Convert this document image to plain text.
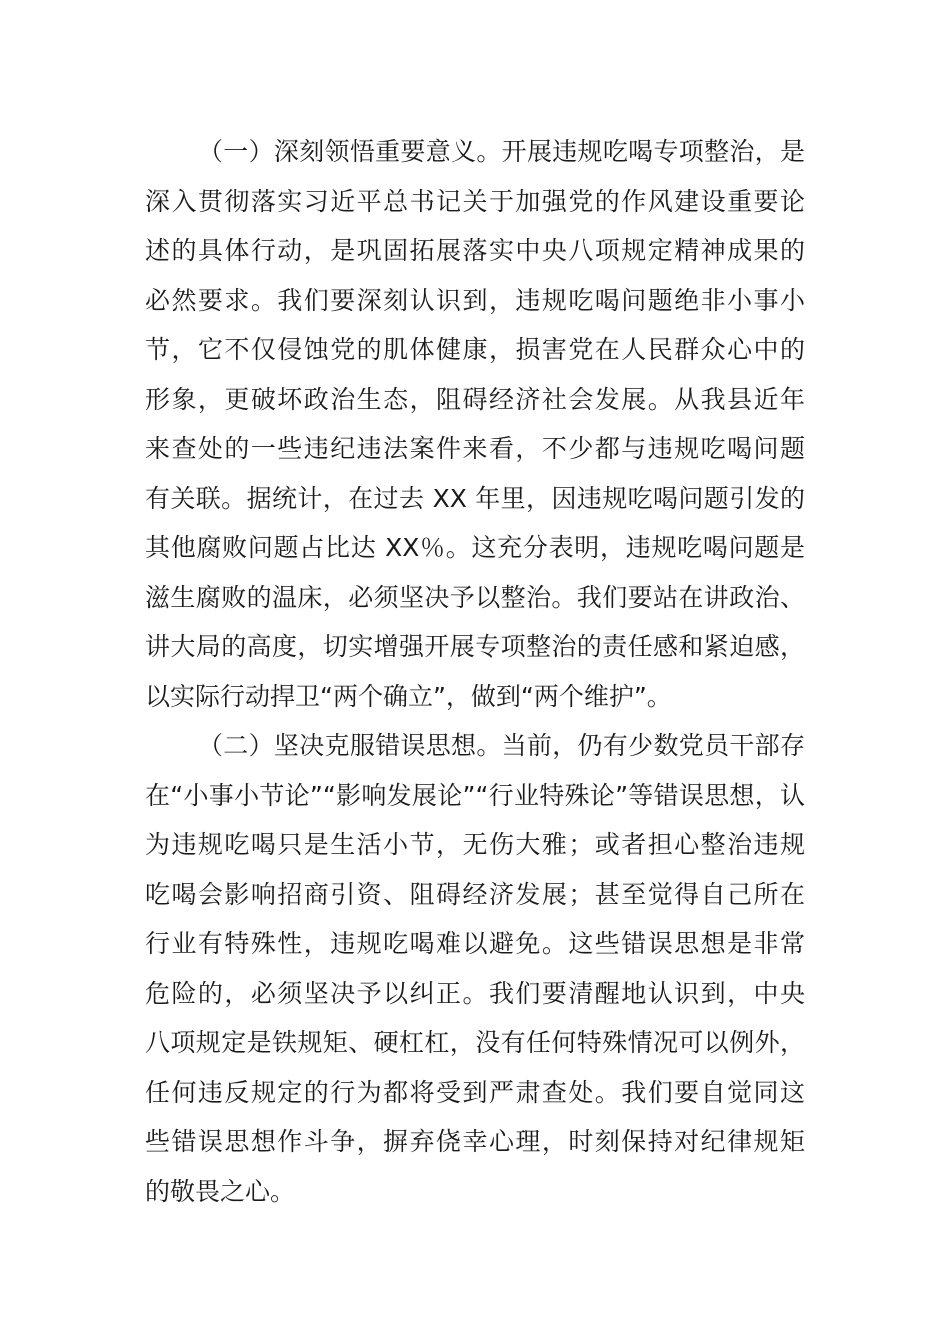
（一）深刻领悟重要意义。开展违规吃喝专项整治，是
深入贯彻落实习近平总书记关于加强党的作风建设重要论
述的具体行动，是巩固拓展落实中央八项规定精神成果的
必然要求。我们要深刻认识到，违规吃喝问题绝非小事小
节，它不仅侵蚀党的肌体健康，损害党在人民群众心中的
形象，更破坏政治生态，阻碍经济社会发展。从我县近年
来查处的一些违纪违法案件来看，不少都与违规吃喝问题
有关联。据统计，在过去 XX 年里，因违规吃喝问题引发的
其他腐败问题占比达 XX％。这充分表明，违规吃喝问题是
滋生腐败的温床，必须坚决予以整治。我们要站在讲政治、
讲大局的高度，切实增强开展专项整治的责任感和紧迫感，
以实际行动捍卫“两个确立”，做到“两个维护”。
（二）坚决克服错误思想。当前，仍有少数党员干部存
在“小事小节论”“影响发展论”“行业特殊论”等错误思想，认
为违规吃喝只是生活小节，无伤大雅；或者担心整治违规
吃喝会影响招商引资、阻碍经济发展；甚至觉得自己所在
行业有特殊性，违规吃喝难以避免。这些错误思想是非常
危险的，必须坚决予以纠正。我们要清醒地认识到，中央
八项规定是铁规矩、硬杠杠，没有任何特殊情况可以例外，
任何违反规定的行为都将受到严肃查处。我们要自觉同这
些错误思想作斗争，摒弃侥幸心理，时刻保持对纪律规矩
的敬畏之心。
